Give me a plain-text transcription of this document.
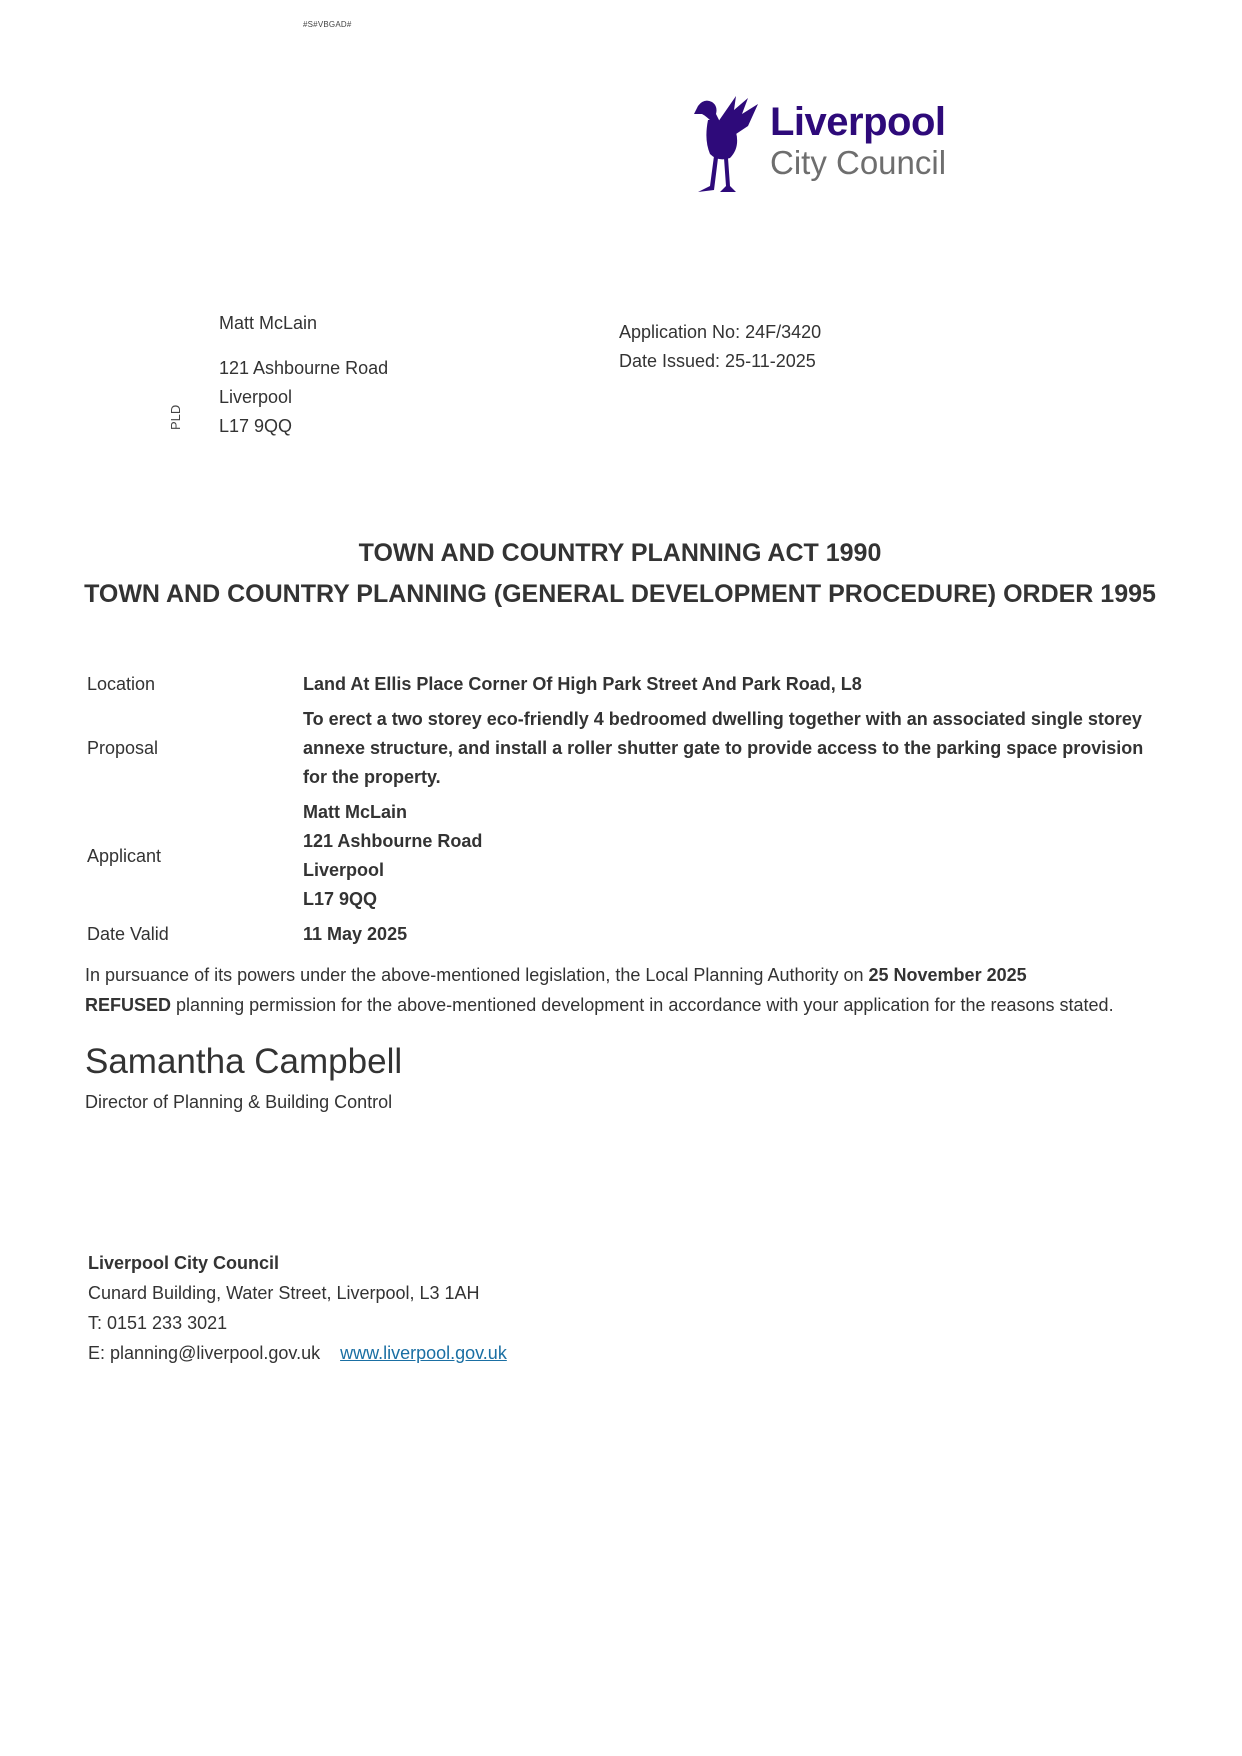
#S#VBGAD#
Liverpool
City Council
PLD
Matt McLain
121 Ashbourne Road
Liverpool
L17 9QQ
Application No: 24F/3420
Date Issued: 25-11-2025
TOWN AND COUNTRY PLANNING ACT 1990
TOWN AND COUNTRY PLANNING (GENERAL DEVELOPMENT PROCEDURE) ORDER 1995
Location	Land At Ellis Place Corner Of High Park Street And Park Road, L8
Proposal
To erect a two storey eco-friendly 4 bedroomed dwelling together with an associated single storey annexe structure, and install a roller shutter gate to provide access to the parking space provision for the property.
Applicant
Matt McLain
121 Ashbourne Road
Liverpool
L17 9QQ
Date Valid	11 May 2025
In pursuance of its powers under the above-mentioned legislation, the Local Planning Authority on 25 November 2025
REFUSED planning permission for the above-mentioned development in accordance with your application for the reasons stated.
Samantha Campbell
Director of Planning & Building Control
Liverpool City Council
Cunard Building, Water Street, Liverpool, L3 1AH
T: 0151 233 3021
E: planning@liverpool.gov.uk www.liverpool.gov.uk
